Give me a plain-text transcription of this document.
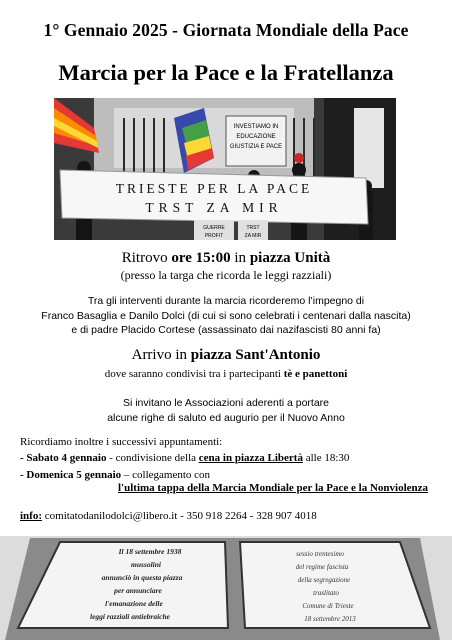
1° Gennaio 2025 - Giornata Mondiale della Pace
Marcia per la Pace e la Fratellanza
INVESTIAMO IN
EDUCAZIONE
GIUSTIZIA E PACE
TRIESTE PER LA PACE
TRST ZA MIR
GUERRE
PROFIT
TRST
ZA MIR
Ritrovo ore 15:00 in piazza Unità
(presso la targa che ricorda le leggi razziali)
Tra gli interventi durante la marcia ricorderemo l’impegno di
Franco Basaglia e Danilo Dolci (di cui si sono celebrati i centenari dalla nascita)
e di padre Placido Cortese (assassinato dai nazifascisti 80 anni fa)
Arrivo in piazza Sant'Antonio
dove saranno condivisi tra i partecipanti tè e panettoni
Si invitano le Associazioni aderenti a portare
alcune righe di saluto ed augurio per il Nuovo Anno
Ricordiamo inoltre i successivi appuntamenti:
- Sabato 4 gennaio - condivisione della cena in piazza Libertà alle 18:30
- Domenica 5 gennaio – collegamento con
l'ultima tappa della Marcia Mondiale per la Pace e la Nonviolenza
info: comitatodanilodolci@libero.it - 350 918 2264 - 328 907 4018
Il 18 settembre 1938
mussolini
annunciò in questa piazza
per annunciare
l'emanazione delle
leggi razziali antiebraiche
sessio trentesimo
del regime fascista
della segregazione
traslitato
Comune di Trieste
18 settembre 2013
